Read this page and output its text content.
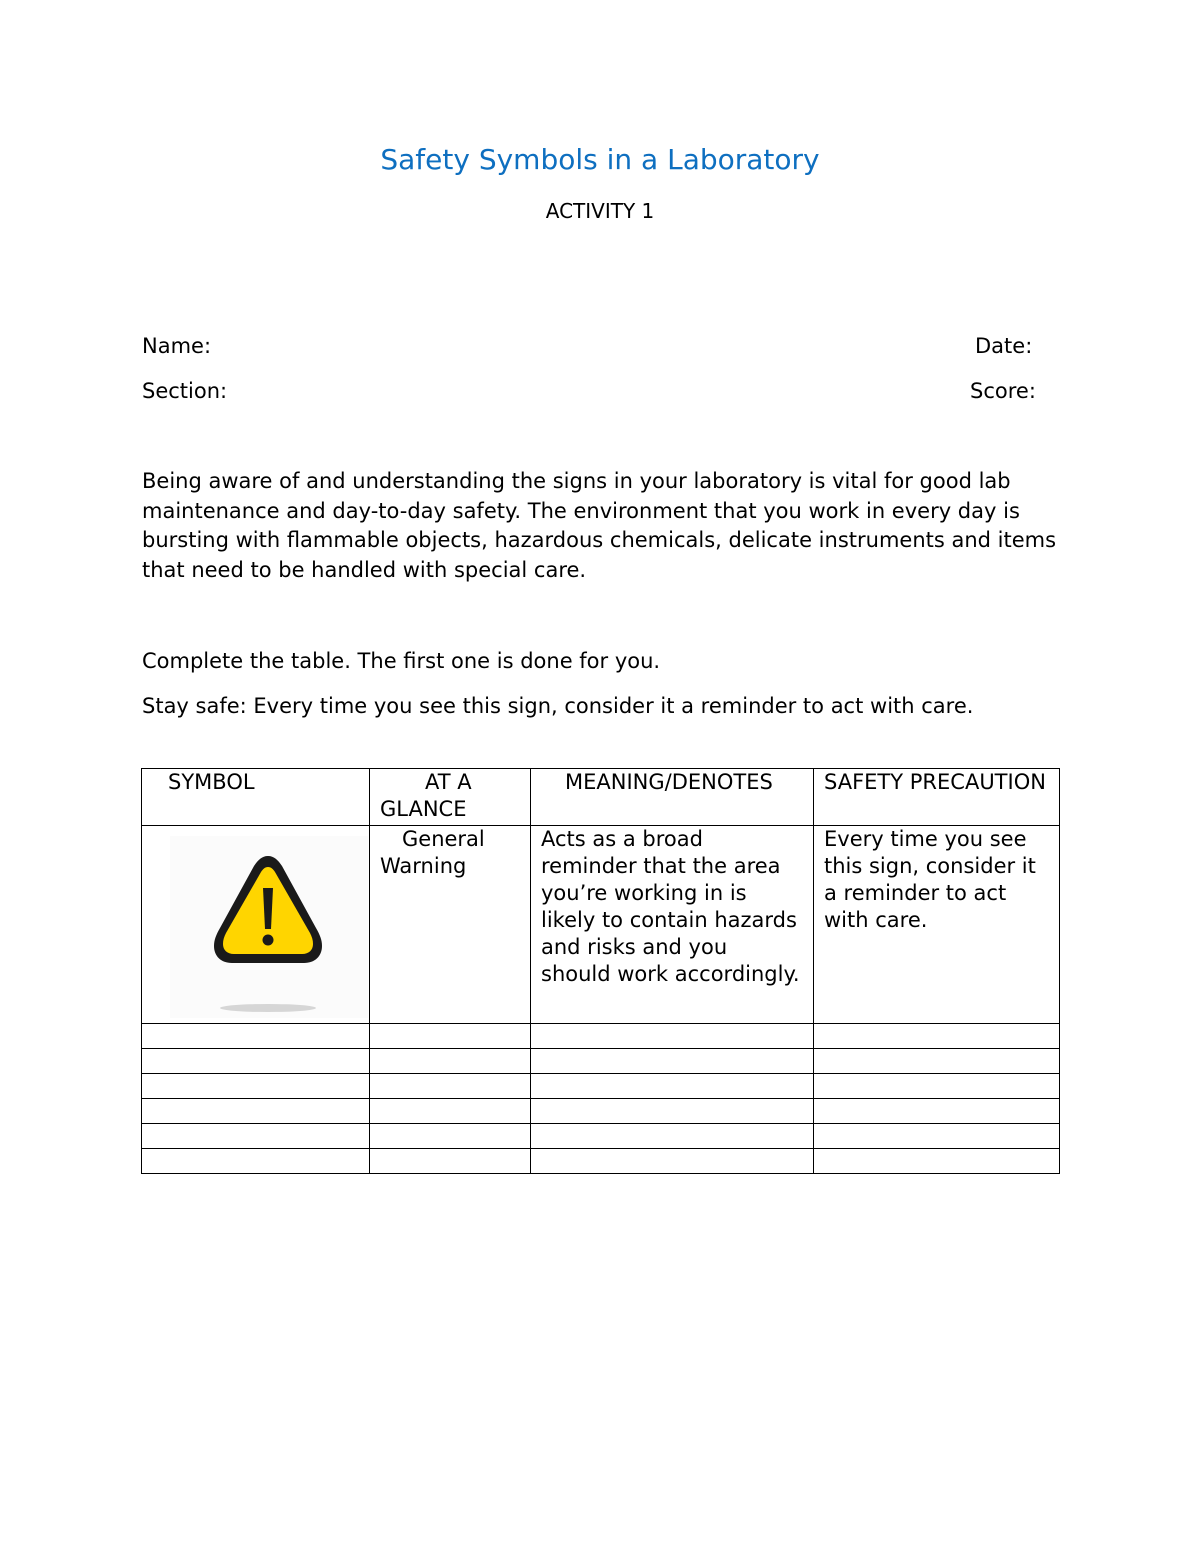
Safety Symbols in a Laboratory
ACTIVITY 1
Name:	Date:
Section:	Score:

Being aware of and understanding the signs in your laboratory is vital for good lab maintenance and day-to-day safety. The environment that you work in every day is bursting with flammable objects, hazardous chemicals, delicate instruments and items that need to be handled with special care.

Complete the table. The first one is done for you.

Stay safe: Every time you see this sign, consider it a reminder to act with care.

SYMBOL	AT A GLANCE	MEANING/DENOTES	SAFETY PRECAUTION

	General
Warning	Acts as a broad reminder that the area you’re working in is likely to contain hazards and risks and you should work accordingly.	Every time you see this sign, consider it a reminder to act with care.
